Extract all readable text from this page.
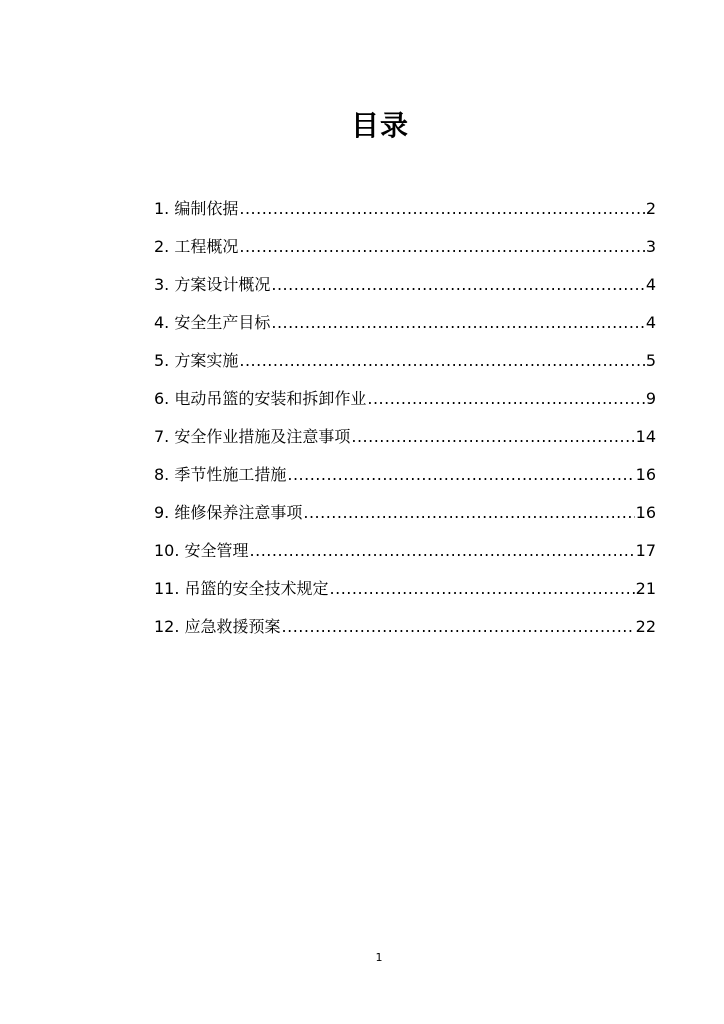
目录
1. 编制依据 .....	2
2. 工程概况 .....	3
3. 方案设计概况 .....	4
4. 安全生产目标 .....	4
5. 方案实施 .....	5
6. 电动吊篮的安装和拆卸作业 .....	9
7. 安全作业措施及注意事项 .....	14
8. 季节性施工措施 .....	16
9. 维修保养注意事项 .....	16
10. 安全管理 .....	17
11. 吊篮的安全技术规定 .....	21
12. 应急救援预案 .....	22
1
